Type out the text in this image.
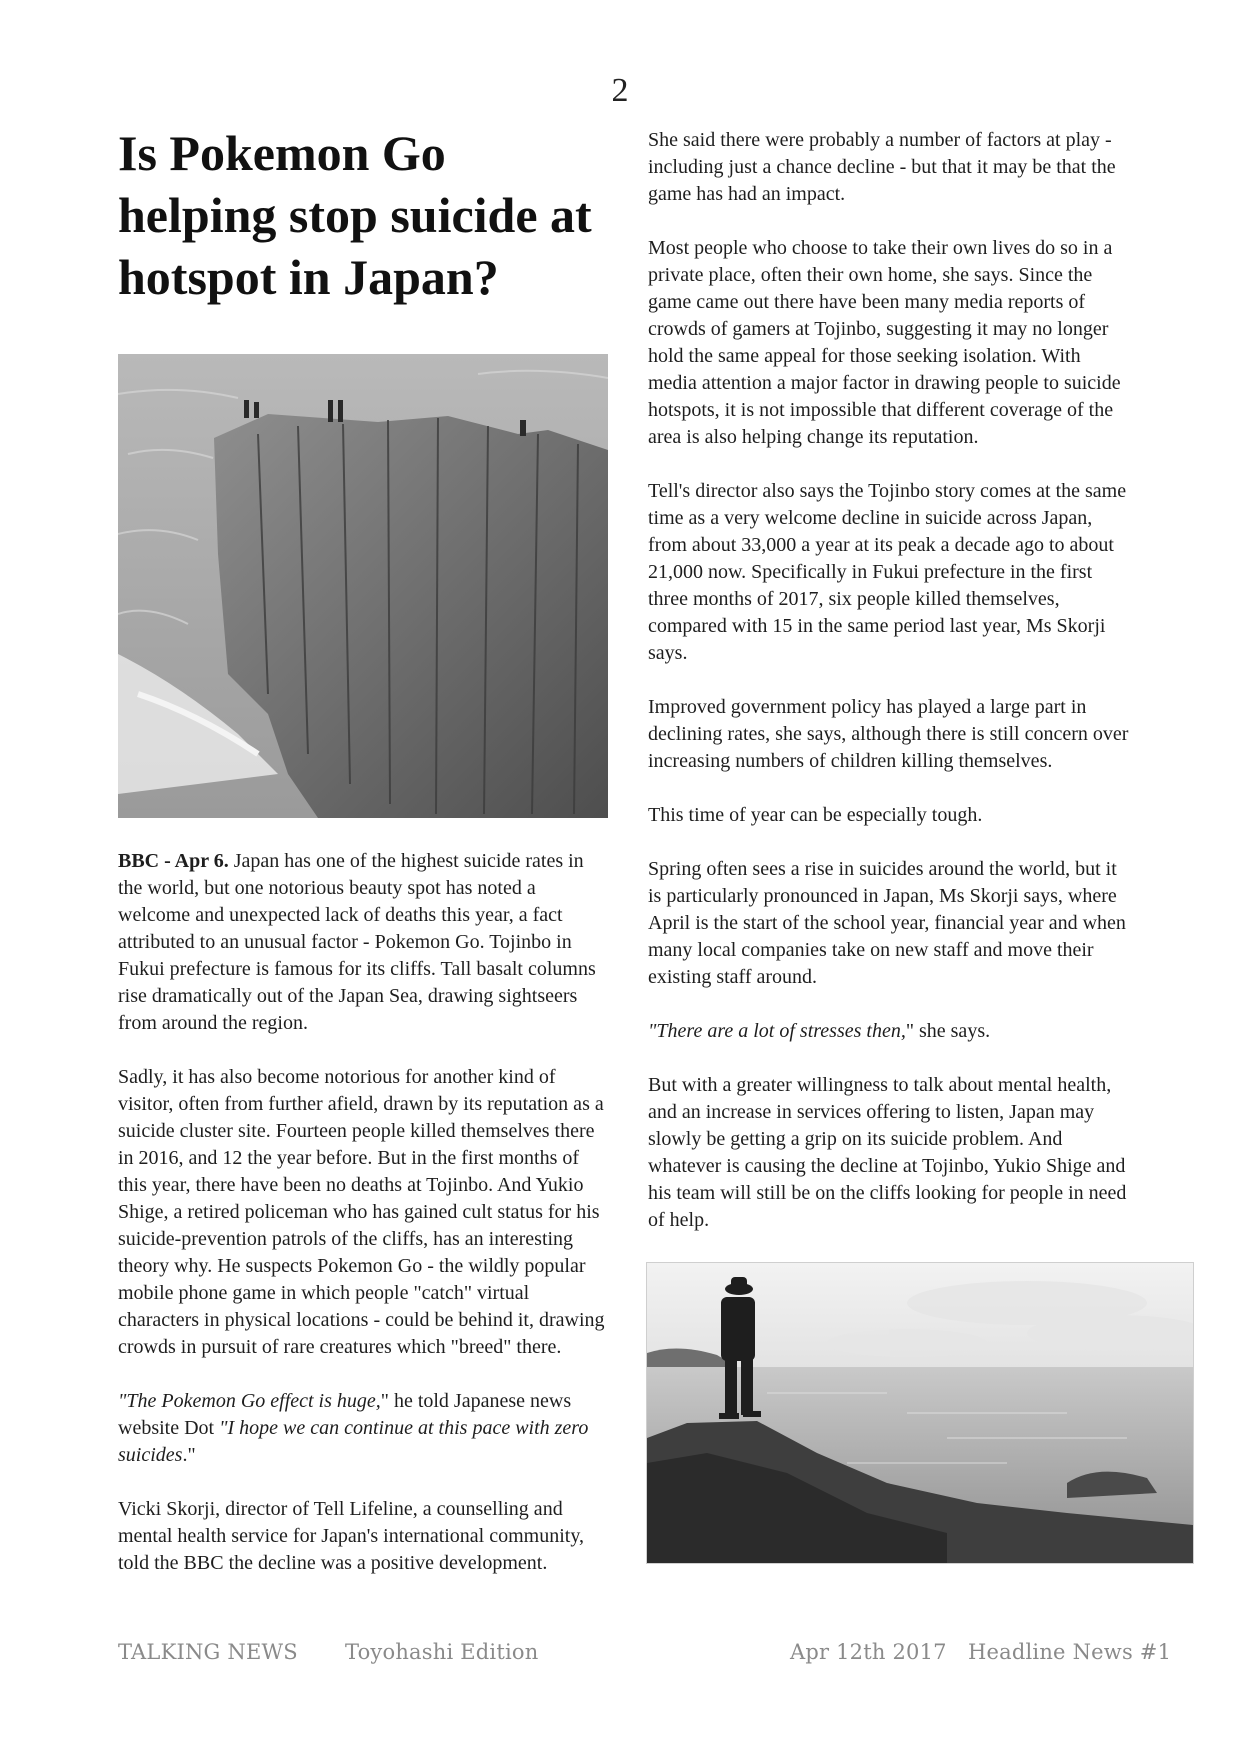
2
Is Pokemon Go helping stop suicide at hotspot in Japan?

BBC - Apr 6. Japan has one of the highest suicide rates in the world, but one notorious beauty spot has noted a welcome and unexpected lack of deaths this year, a fact attributed to an unusual factor - Pokemon Go. Tojinbo in Fukui prefecture is famous for its cliffs. Tall basalt columns rise dramatically out of the Japan Sea, drawing sightseers from around the region.

Sadly, it has also become notorious for another kind of visitor, often from further afield, drawn by its reputation as a suicide cluster site. Fourteen people killed themselves there in 2016, and 12 the year before. But in the first months of this year, there have been no deaths at Tojinbo. And Yukio Shige, a retired policeman who has gained cult status for his suicide-prevention patrols of the cliffs, has an interesting theory why. He suspects Pokemon Go - the wildly popular mobile phone game in which people "catch" virtual characters in physical locations - could be behind it, drawing crowds in pursuit of rare creatures which "breed" there.

"The Pokemon Go effect is huge," he told Japanese news website Dot "I hope we can continue at this pace with zero suicides."

Vicki Skorji, director of Tell Lifeline, a counselling and mental health service for Japan's international community, told the BBC the decline was a positive development.

She said there were probably a number of factors at play - including just a chance decline - but that it may be that the game has had an impact.

Most people who choose to take their own lives do so in a private place, often their own home, she says. Since the game came out there have been many media reports of crowds of gamers at Tojinbo, suggesting it may no longer hold the same appeal for those seeking isolation. With media attention a major factor in drawing people to suicide hotspots, it is not impossible that different coverage of the area is also helping change its reputation.

Tell's director also says the Tojinbo story comes at the same time as a very welcome decline in suicide across Japan, from about 33,000 a year at its peak a decade ago to about 21,000 now. Specifically in Fukui prefecture in the first three months of 2017, six people killed themselves, compared with 15 in the same period last year, Ms Skorji says.

Improved government policy has played a large part in declining rates, she says, although there is still concern over increasing numbers of children killing themselves.

This time of year can be especially tough.

Spring often sees a rise in suicides around the world, but it is particularly pronounced in Japan, Ms Skorji says, where April is the start of the school year, financial year and when many local companies take on new staff and move their existing staff around.

"There are a lot of stresses then," she says.

But with a greater willingness to talk about mental health, and an increase in services offering to listen, Japan may slowly be getting a grip on its suicide problem. And whatever is causing the decline at Tojinbo, Yukio Shige and his team will still be on the cliffs looking for people in need of help.

TALKING NEWS Toyohashi Edition	Apr 12th 2017 Headline News #1
